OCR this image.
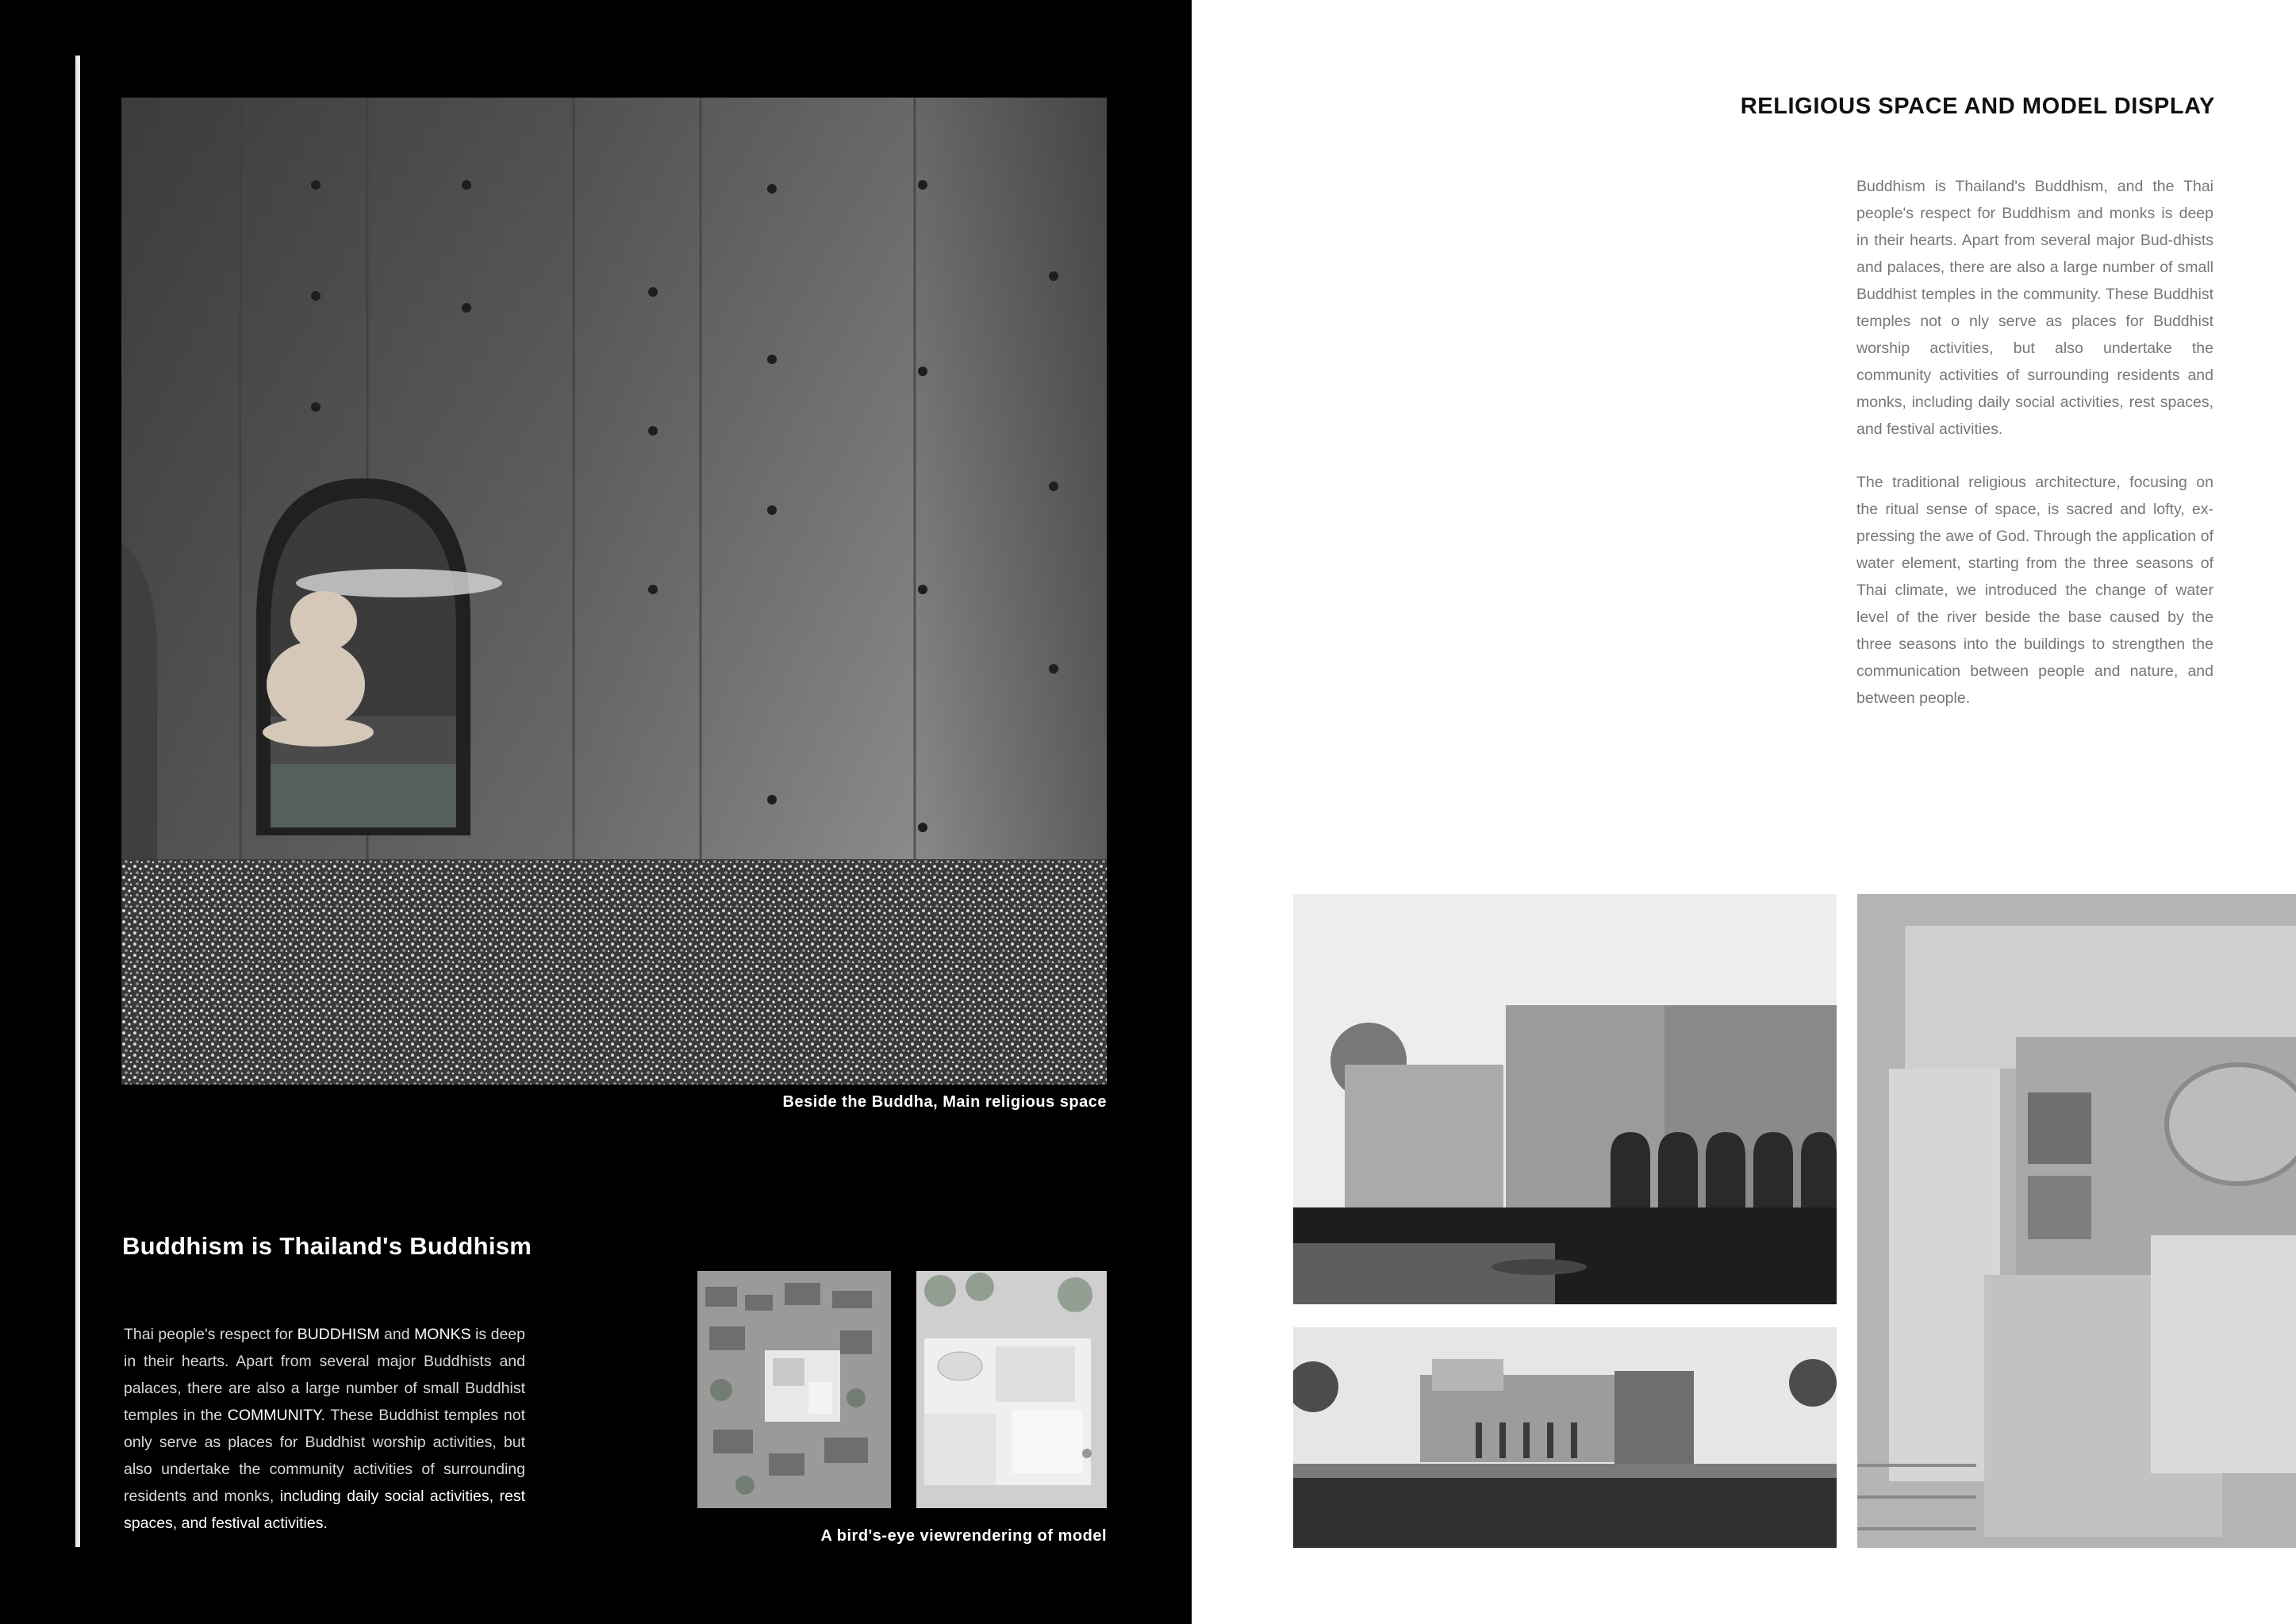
Beside the Buddha, Main religious space
Buddhism is Thailand's Buddhism
Thai people's respect for BUDDHISM and MONKS is deep in their hearts. Apart from several major Buddhists and palaces, there are also a large number of small Buddhist temples in the COMMUNITY. These Buddhist temples not only serve as places for Buddhist worship activities, but also undertake the community activities of surrounding residents and monks, including daily social activities, rest spaces, and festival activities.
A bird's-eye viewrendering of model
RELIGIOUS SPACE AND MODEL DISPLAY
Buddhism is Thailand's Buddhism, and the Thai people's respect for Buddhism and monks is deep in their hearts. Apart from several major Bud-dhists and palaces, there are also a large number of small Buddhist temples in the community. These Buddhist temples not o nly serve as places for Buddhist worship activities, but also undertake the community activities of surrounding residents and monks, including daily social activities, rest spaces, and festival activities.
The traditional religious architecture, focusing on the ritual sense of space, is sacred and lofty, ex-pressing the awe of God. Through the application of water element, starting from the three seasons of Thai climate, we introduced the change of water level of the river beside the base caused by the three seasons into the buildings to strengthen the communication between people and nature, and between people.
